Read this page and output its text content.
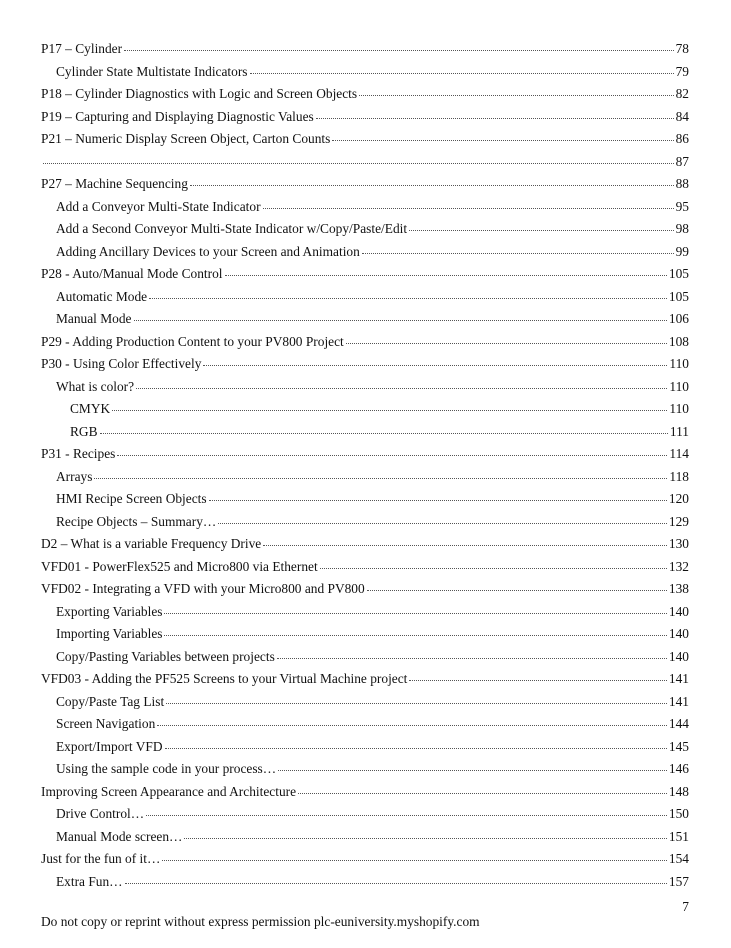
P17 – Cylinder	78
Cylinder State Multistate Indicators	79
P18 – Cylinder Diagnostics with Logic and Screen Objects	82
P19 – Capturing and Displaying Diagnostic Values	84
P21 – Numeric Display Screen Object, Carton Counts	86
87
P27 – Machine Sequencing	88
Add a Conveyor Multi-State Indicator	95
Add a Second Conveyor Multi-State Indicator w/Copy/Paste/Edit	98
Adding Ancillary Devices to your Screen and Animation	99
P28 - Auto/Manual Mode Control	105
Automatic Mode	105
Manual Mode	106
P29 - Adding Production Content to your PV800 Project	108
P30 - Using Color Effectively	110
What is color?	110
CMYK	110
RGB	111
P31 - Recipes	114
Arrays	118
HMI Recipe Screen Objects	120
Recipe Objects – Summary…	129
D2 – What is a variable Frequency Drive	130
VFD01 - PowerFlex525 and Micro800 via Ethernet	132
VFD02 - Integrating a VFD with your Micro800 and PV800	138
Exporting Variables	140
Importing Variables	140
Copy/Pasting Variables between projects	140
VFD03 - Adding the PF525 Screens to your Virtual Machine project	141
Copy/Paste Tag List	141
Screen Navigation	144
Export/Import VFD	145
Using the sample code in your process…	146
Improving Screen Appearance and Architecture	148
Drive Control…	150
Manual Mode screen…	151
Just for the fun of it…	154
Extra Fun…	157
7
Do not copy or reprint without express permission plc-euniversity.myshopify.com
